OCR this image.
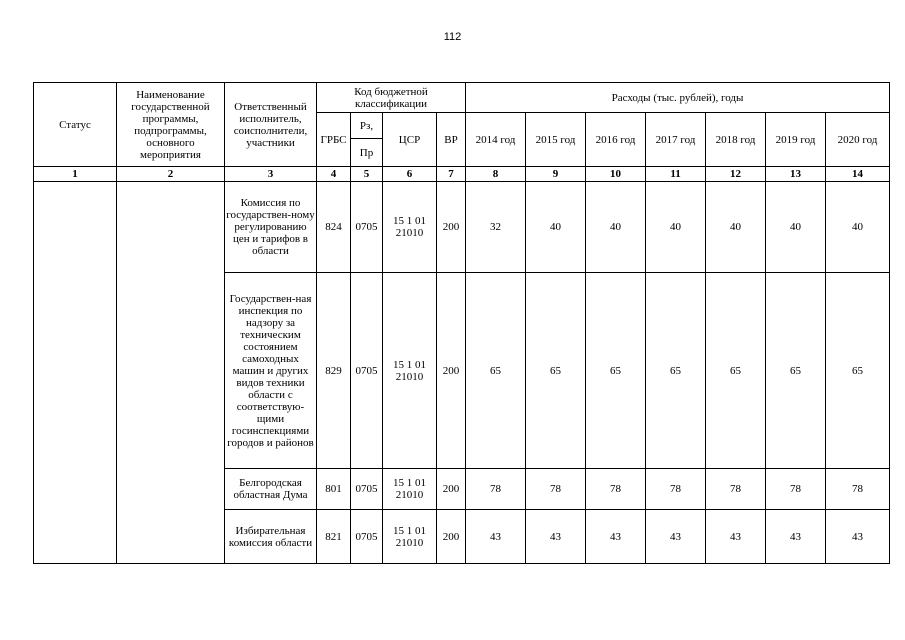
112
Статус	Наименование государственной программы, подпрограммы, основного мероприятия	Ответственный исполнитель, соисполнители, участники	Код бюджетной классификации				Расходы (тыс. рублей), годы						
			ГРБС	Рз,	ЦСР	ВР	2014 год	2015 год	2016 год	2017 год	2018 год	2019 год	2020 год
				Пр									
1	2	3	4	5	6	7	8	9	10	11	12	13	14
		Комиссия по государствен-ному регулированию цен и тарифов в области	824	0705	15 1 01 21010	200	32	40	40	40	40	40	40
		Государствен-ная инспекция по надзору за техническим состоянием самоходных машин и других видов техники области с соответствую-щими госинспекциями городов и районов	829	0705	15 1 01 21010	200	65	65	65	65	65	65	65
		Белгородская областная Дума	801	0705	15 1 01 21010	200	78	78	78	78	78	78	78
		Избирательная комиссия области	821	0705	15 1 01 21010	200	43	43	43	43	43	43	43
